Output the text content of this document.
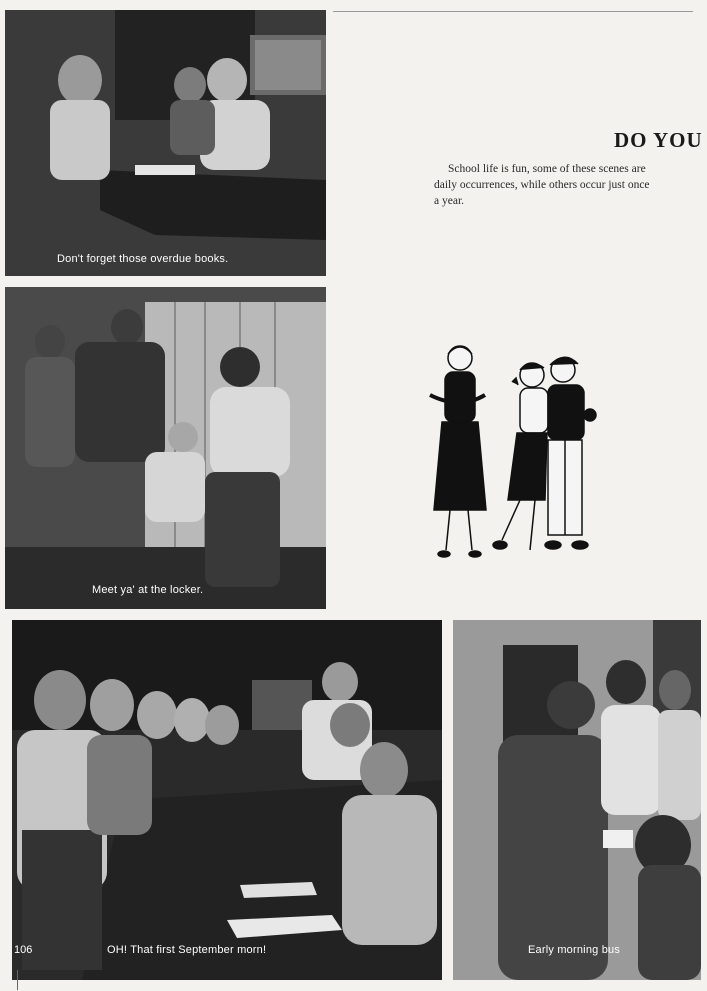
Don't forget those overdue books.
Meet ya' at the locker.
DO YOU
School life is fun, some of these scenes are daily occurrences, while others occur just once a year.
OH! That first September morn!
106	Early morning bus
